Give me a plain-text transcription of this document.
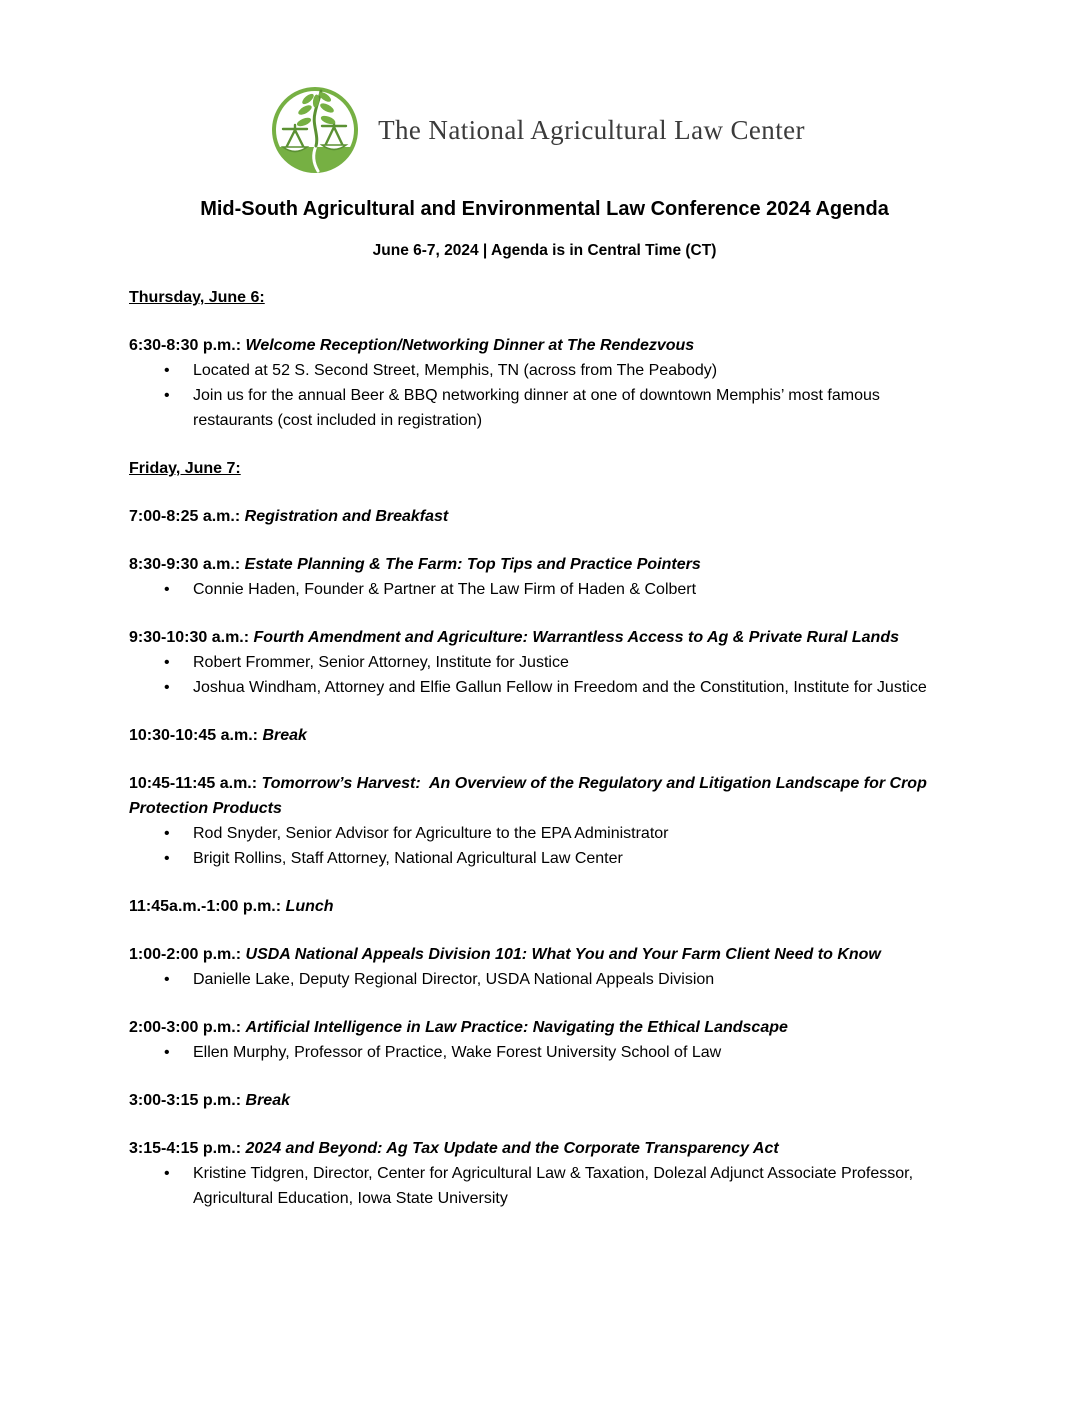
The National Agricultural Law Center
Mid-South Agricultural and Environmental Law Conference 2024 Agenda
June 6-7, 2024 | Agenda is in Central Time (CT)
Thursday, June 6:

6:30-8:30 p.m.: Welcome Reception/Networking Dinner at The Rendezvous

• Located at 52 S. Second Street, Memphis, TN (across from The Peabody)
• Join us for the annual Beer & BBQ networking dinner at one of downtown Memphis’ most famous restaurants (cost included in registration)
Friday, June 7:

7:00-8:25 a.m.: Registration and Breakfast

8:30-9:30 a.m.: Estate Planning & The Farm: Top Tips and Practice Pointers

• Connie Haden, Founder & Partner at The Law Firm of Haden & Colbert

9:30-10:30 a.m.: Fourth Amendment and Agriculture: Warrantless Access to Ag & Private Rural Lands

• Robert Frommer, Senior Attorney, Institute for Justice
• Joshua Windham, Attorney and Elfie Gallun Fellow in Freedom and the Constitution, Institute for Justice

10:30-10:45 a.m.: Break

10:45-11:45 a.m.: Tomorrow’s Harvest:  An Overview of the Regulatory and Litigation Landscape for Crop Protection Products

• Rod Snyder, Senior Advisor for Agriculture to the EPA Administrator
• Brigit Rollins, Staff Attorney, National Agricultural Law Center

11:45a.m.-1:00 p.m.: Lunch

1:00-2:00 p.m.: USDA National Appeals Division 101: What You and Your Farm Client Need to Know

• Danielle Lake, Deputy Regional Director, USDA National Appeals Division

2:00-3:00 p.m.: Artificial Intelligence in Law Practice: Navigating the Ethical Landscape

• Ellen Murphy, Professor of Practice, Wake Forest University School of Law

3:00-3:15 p.m.: Break

3:15-4:15 p.m.: 2024 and Beyond: Ag Tax Update and the Corporate Transparency Act

• Kristine Tidgren, Director, Center for Agricultural Law & Taxation, Dolezal Adjunct Associate Professor, Agricultural Education, Iowa State University
